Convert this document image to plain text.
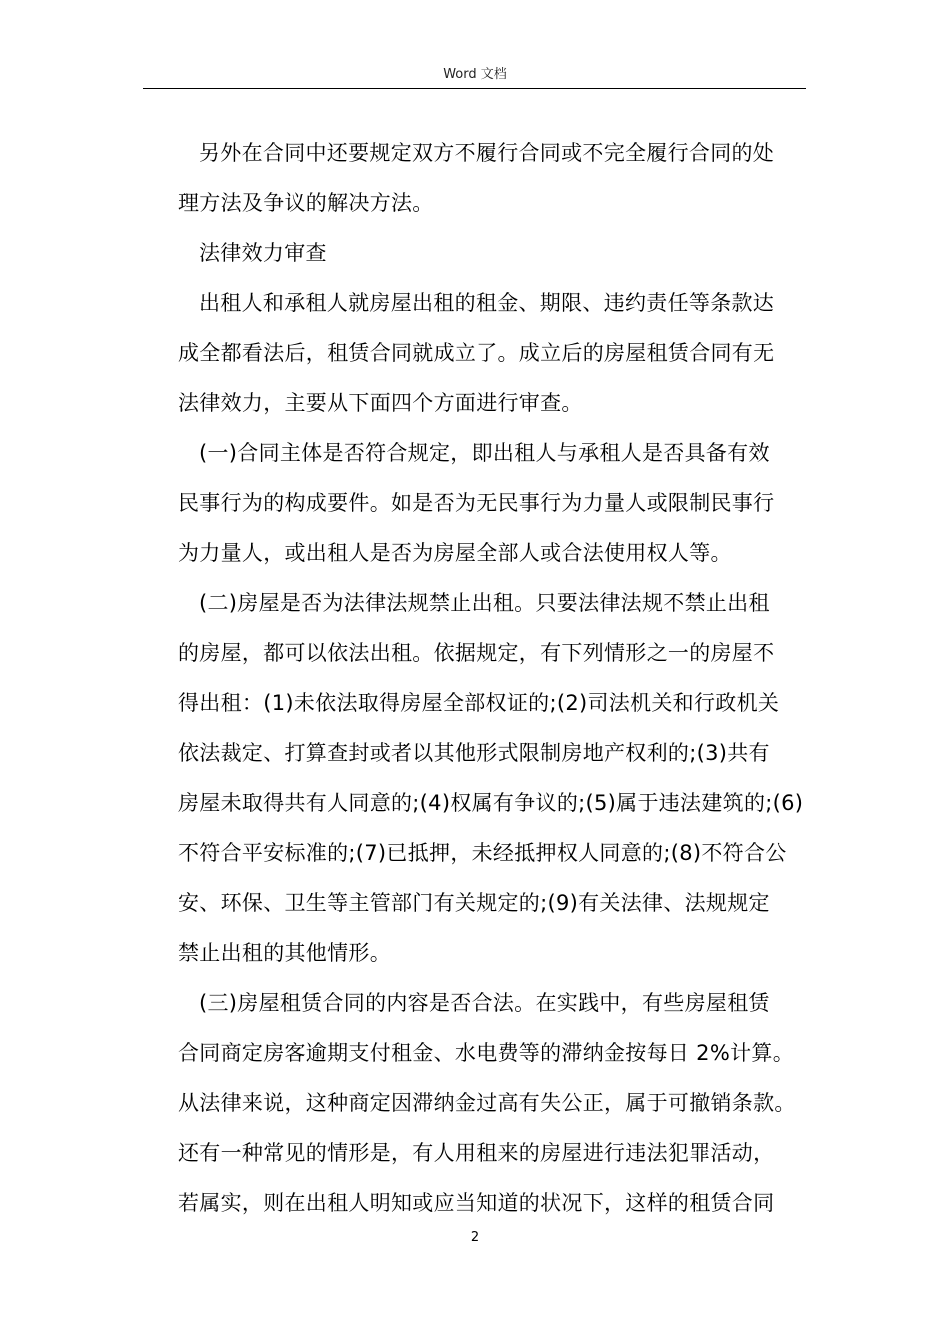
Word 文档
另外在合同中还要规定双方不履行合同或不完全履行合同的处
理方法及争议的解决方法。
法律效力审查
出租人和承租人就房屋出租的租金、期限、违约责任等条款达
成全都看法后，租赁合同就成立了。成立后的房屋租赁合同有无
法律效力，主要从下面四个方面进行审查。
(一)合同主体是否符合规定，即出租人与承租人是否具备有效
民事行为的构成要件。如是否为无民事行为力量人或限制民事行
为力量人，或出租人是否为房屋全部人或合法使用权人等。
(二)房屋是否为法律法规禁止出租。只要法律法规不禁止出租
的房屋，都可以依法出租。依据规定，有下列情形之一的房屋不
得出租：(1)未依法取得房屋全部权证的;(2)司法机关和行政机关
依法裁定、打算查封或者以其他形式限制房地产权利的;(3)共有
房屋未取得共有人同意的;(4)权属有争议的;(5)属于违法建筑的;(6)
不符合平安标准的;(7)已抵押，未经抵押权人同意的;(8)不符合公
安、环保、卫生等主管部门有关规定的;(9)有关法律、法规规定
禁止出租的其他情形。
(三)房屋租赁合同的内容是否合法。在实践中，有些房屋租赁
合同商定房客逾期支付租金、水电费等的滞纳金按每日 2%计算。
从法律来说，这种商定因滞纳金过高有失公正，属于可撤销条款。
还有一种常见的情形是，有人用租来的房屋进行违法犯罪活动，
若属实，则在出租人明知或应当知道的状况下，这样的租赁合同
2
